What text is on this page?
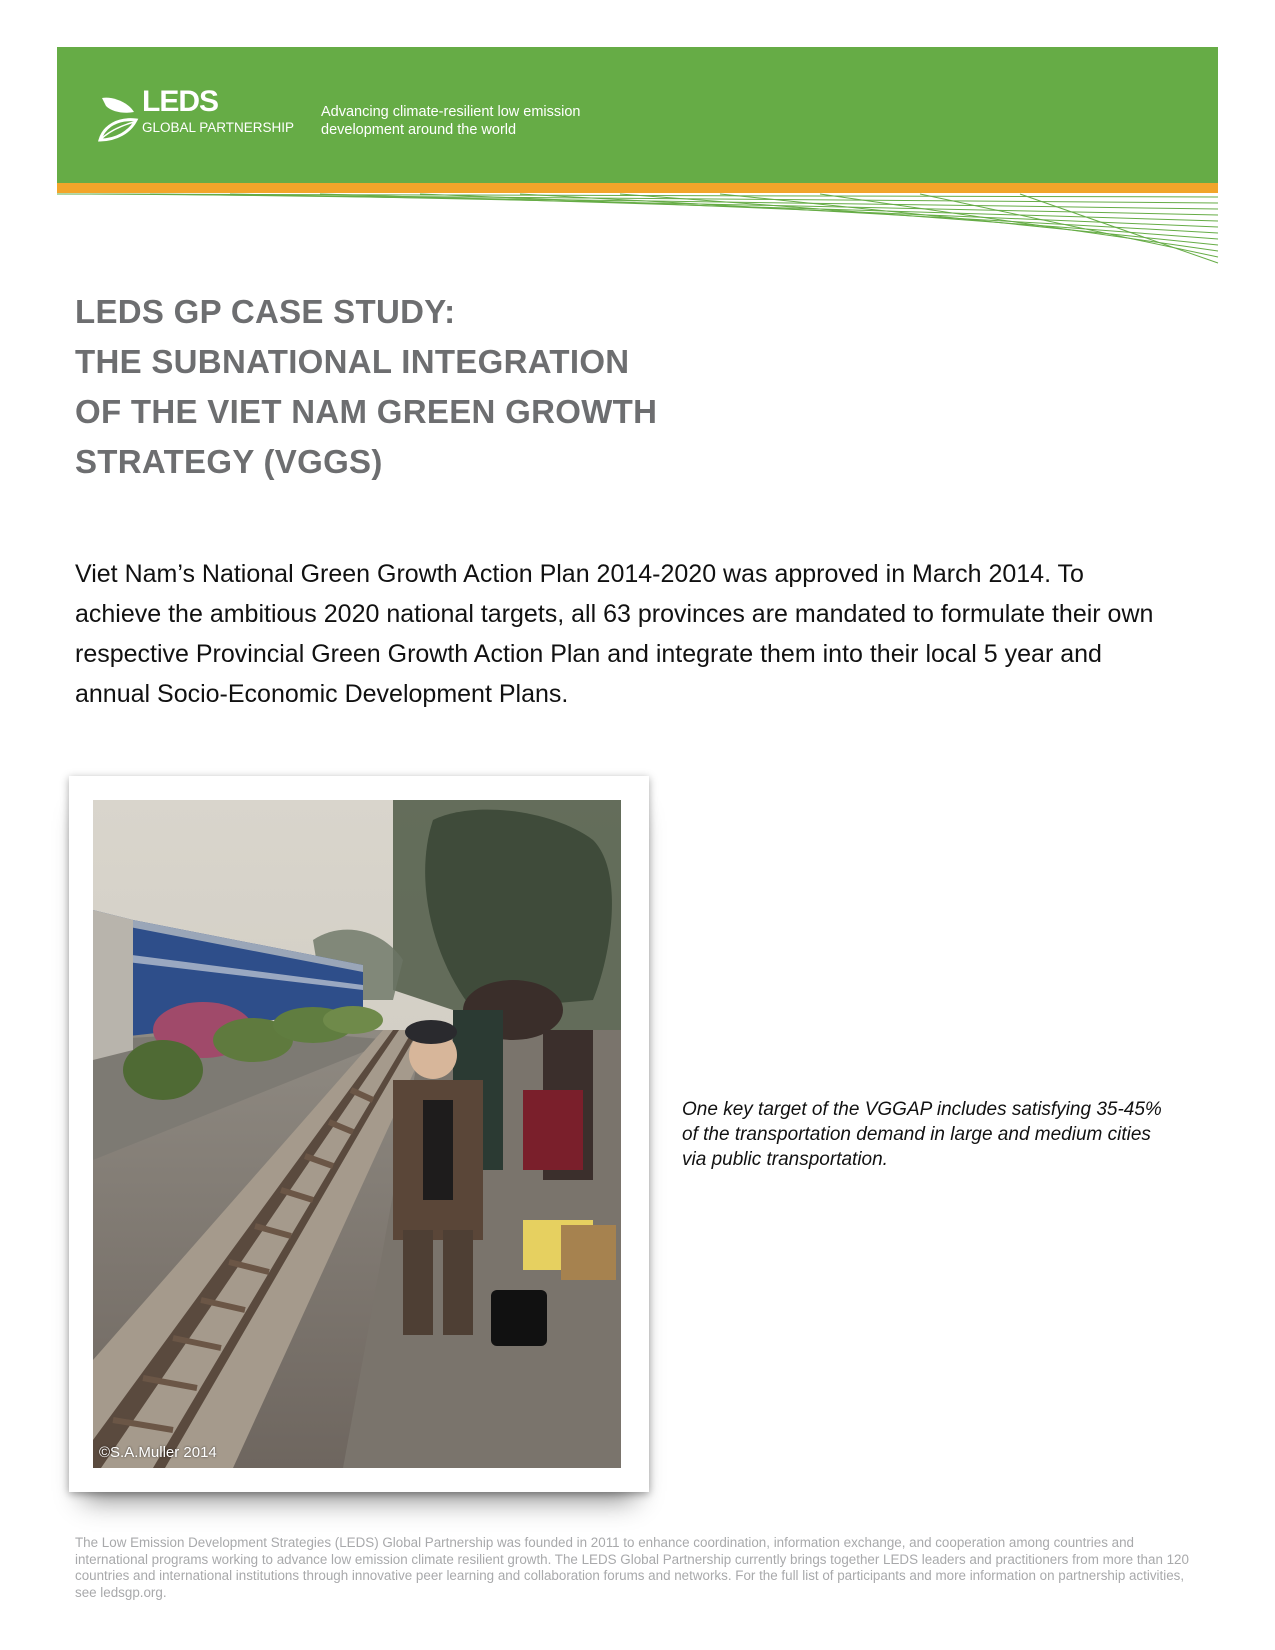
LEDS
GLOBAL PARTNERSHIP
Advancing climate-resilient low emission
development around the world
LEDS GP CASE STUDY:
THE SUBNATIONAL INTEGRATION
OF THE VIET NAM GREEN GROWTH
STRATEGY (VGGS)
Viet Nam’s National Green Growth Action Plan 2014-2020 was approved in March 2014. To achieve the ambitious 2020 national targets, all 63 provinces are mandated to formulate their own respective Provincial Green Growth Action Plan and integrate them into their local 5 year and annual Socio-Economic Development Plans.
©S.A.Muller 2014
One key target of the VGGAP includes satisfying 35-45% of the transportation demand in large and medium cities via public transportation.
The Low Emission Development Strategies (LEDS) Global Partnership was founded in 2011 to enhance coordination, information exchange, and cooperation among countries and international programs working to advance low emission climate resilient growth. The LEDS Global Partnership currently brings together LEDS leaders and practitioners from more than 120 countries and international institutions through innovative peer learning and collaboration forums and networks. For the full list of participants and more information on partnership activities, see ledsgp.org.
